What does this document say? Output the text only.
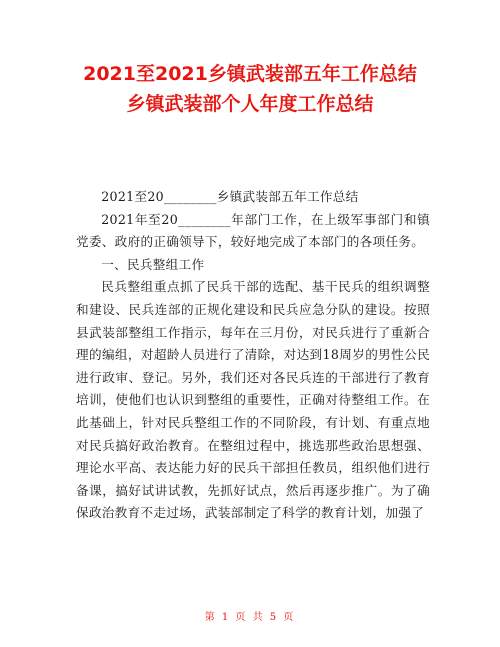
2021至2021乡镇武装部五年工作总结
乡镇武装部个人年度工作总结

2021至20________乡镇武装部五年工作总结

2021年至20________年部门工作，在上级军事部门和镇党委、政府的正确领导下，较好地完成了本部门的各项任务。

一、民兵整组工作

民兵整组重点抓了民兵干部的选配、基干民兵的组织调整和建设、民兵连部的正规化建设和民兵应急分队的建设。按照县武装部整组工作指示，每年在三月份，对民兵进行了重新合理的编组，对超龄人员进行了清除，对达到18周岁的男性公民进行政审、登记。另外，我们还对各民兵连的干部进行了教育培训，使他们也认识到整组的重要性，正确对待整组工作。在此基础上，针对民兵整组工作的不同阶段，有计划、有重点地对民兵搞好政治教育。在整组过程中，挑选那些政治思想强、理论水平高、表达能力好的民兵干部担任教员，组织他们进行备课，搞好试讲试教，先抓好试点，然后再逐步推广。为了确保政治教育不走过场，武装部制定了科学的教育计划，加强了

第 1 页 共 5 页
